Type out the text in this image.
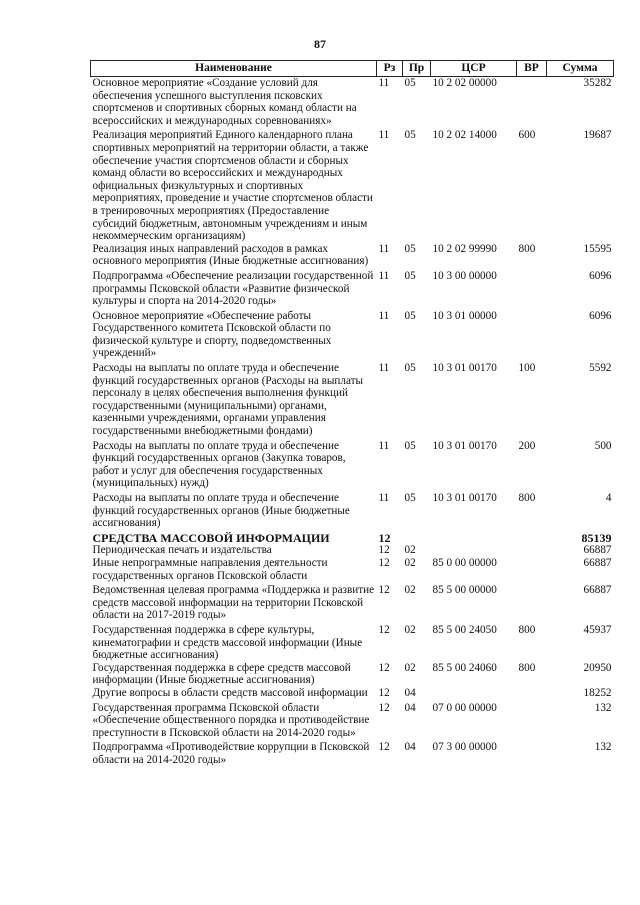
87
Наименование	Рз	Пр	ЦСР	ВР	Сумма
Основное мероприятие «Создание условий для обеспечения успешного выступления псковских спортсменов и спортивных сборных команд области на всероссийских и международных соревнованиях»	11	05	10 2 02 00000		35282
Реализация мероприятий Единого календарного плана спортивных мероприятий на территории области, а также обеспечение участия спортсменов области и сборных команд области во всероссийских и международных официальных физкультурных и спортивных мероприятиях, проведение и участие спортсменов области в тренировочных мероприятиях (Предоставление субсидий бюджетным, автономным учреждениям и иным некоммерческим организациям)	11	05	10 2 02 14000	600	19687
Реализация иных направлений расходов в рамках основного мероприятия (Иные бюджетные ассигнования)	11	05	10 2 02 99990	800	15595
Подпрограмма «Обеспечение реализации государственной программы Псковской области «Развитие физической культуры и спорта на 2014-2020 годы»	11	05	10 3 00 00000		6096
Основное мероприятие «Обеспечение работы Государственного комитета Псковской области по физической культуре и спорту, подведомственных учреждений»	11	05	10 3 01 00000		6096
Расходы на выплаты по оплате труда и обеспечение функций государственных органов (Расходы на выплаты персоналу в целях обеспечения выполнения функций государственными (муниципальными) органами, казенными учреждениями, органами управления государственными внебюджетными фондами)	11	05	10 3 01 00170	100	5592
Расходы на выплаты по оплате труда и обеспечение функций государственных органов (Закупка товаров, работ и услуг для обеспечения государственных (муниципальных) нужд)	11	05	10 3 01 00170	200	500
Расходы на выплаты по оплате труда и обеспечение функций государственных органов (Иные бюджетные ассигнования)	11	05	10 3 01 00170	800	4
СРЕДСТВА МАССОВОЙ ИНФОРМАЦИИ	12				85139
Периодическая печать и издательства	12	02			66887
Иные непрограммные направления деятельности государственных органов Псковской области	12	02	85 0 00 00000		66887
Ведомственная целевая программа «Поддержка и развитие средств массовой информации на территории Псковской области на 2017-2019 годы»	12	02	85 5 00 00000		66887
Государственная поддержка в сфере культуры, кинематографии и средств массовой информации (Иные бюджетные ассигнования)	12	02	85 5 00 24050	800	45937
Государственная поддержка в сфере средств массовой информации (Иные бюджетные ассигнования)	12	02	85 5 00 24060	800	20950
Другие вопросы в области средств массовой информации	12	04			18252
Государственная программа Псковской области «Обеспечение общественного порядка и противодействие преступности в Псковской области на 2014-2020 годы»	12	04	07 0 00 00000		132
Подпрограмма «Противодействие коррупции в Псковской области на 2014-2020 годы»	12	04	07 3 00 00000		132
